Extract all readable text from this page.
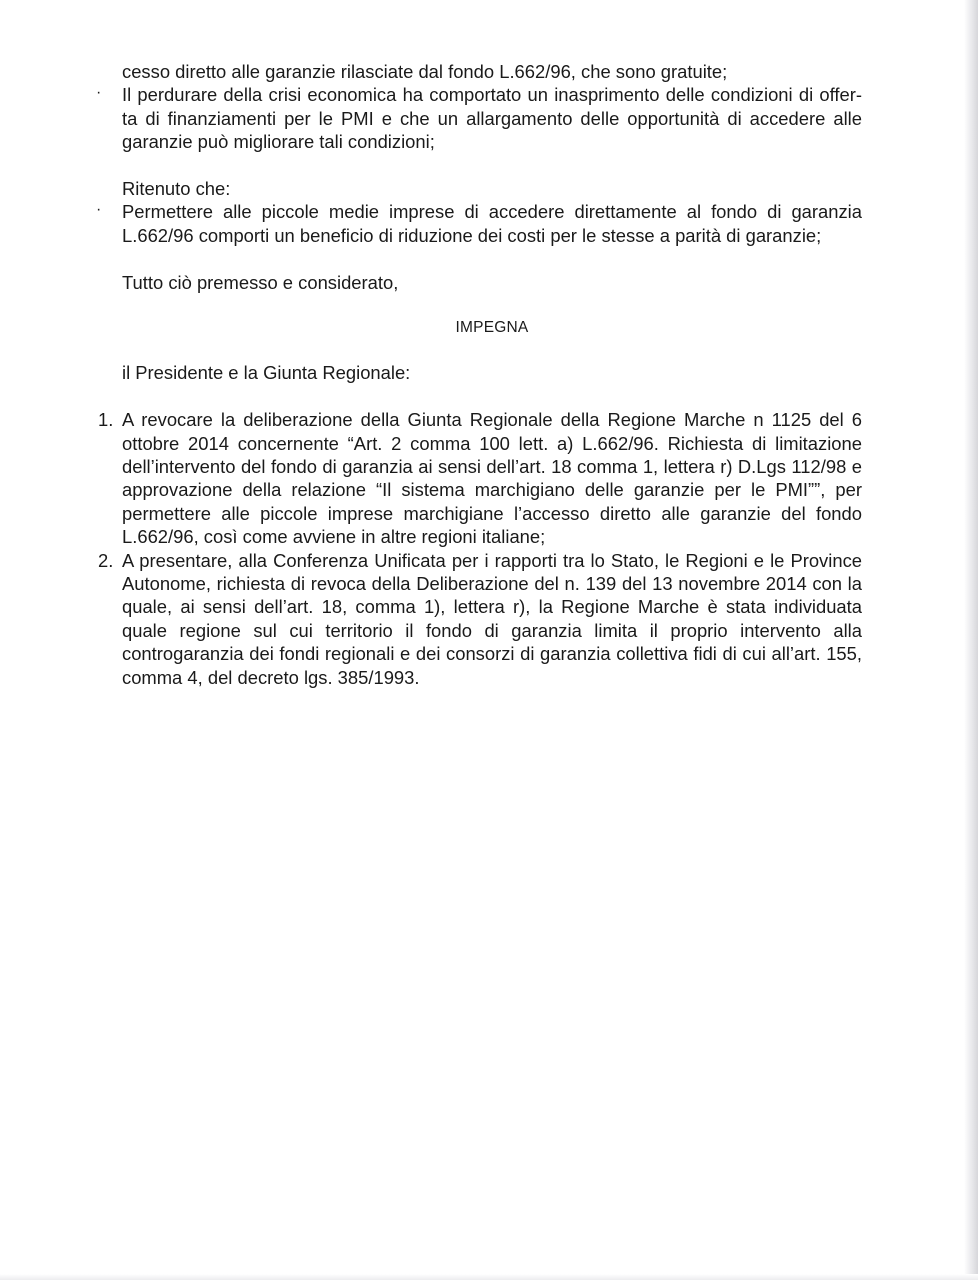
cesso diretto alle garanzie rilasciate dal fondo L.662/96, che sono gratuite;

· Il perdurare della crisi economica ha comportato un inasprimento delle condizioni di offer-
ta di finanziamenti per le PMI e che un allargamento delle opportunità di accedere alle garanzie può migliorare tali condizioni;

Ritenuto che:

· Permettere alle piccole medie imprese di accedere direttamente al fondo di garanzia L.662/96 comporti un beneficio di riduzione dei costi per le stesse a parità di garanzie;

Tutto ciò premesso e considerato,

IMPEGNA

il Presidente e la Giunta Regionale:

1. A revocare la deliberazione della Giunta Regionale della Regione Marche n 1125 del 6 ottobre 2014 concernente “Art. 2 comma 100 lett. a) L.662/96. Richiesta di limitazione dell’intervento del fondo di garanzia ai sensi dell’art. 18 comma 1, lettera r) D.Lgs 112/98 e approvazione della relazione “Il sistema marchigiano delle garanzie per le PMI””, per permettere alle piccole imprese marchigiane l’accesso diretto alle garanzie del fondo L.662/96, così come avviene in altre regioni italiane;
2. A presentare, alla Conferenza Unificata per i rapporti tra lo Stato, le Regioni e le Province Autonome, richiesta di revoca della Deliberazione del n. 139 del 13 novembre 2014 con la quale, ai sensi dell’art. 18, comma 1), lettera r), la Regione Marche è stata individuata quale regione sul cui territorio il fondo di garanzia limita il proprio intervento alla controgaranzia dei fondi regionali e dei consorzi di garanzia collettiva fidi di cui all’art. 155, comma 4, del decreto lgs. 385/1993.
